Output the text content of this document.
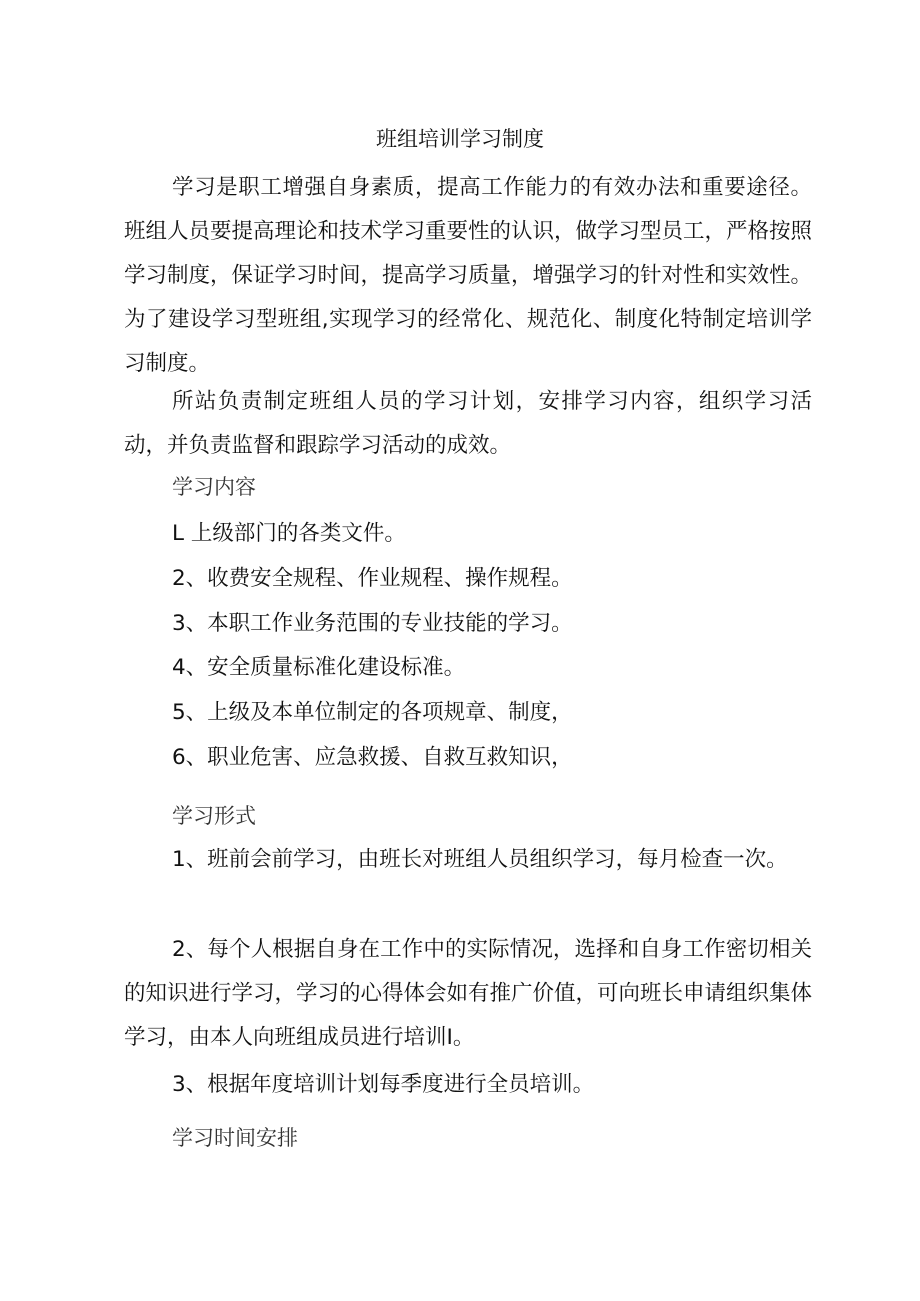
班组培训学习制度

学习是职工增强自身素质，提高工作能力的有效办法和重要途径。班组人员要提高理论和技术学习重要性的认识，做学习型员工，严格按照学习制度，保证学习时间，提高学习质量，增强学习的针对性和实效性。为了建设学习型班组,实现学习的经常化、规范化、制度化特制定培训学习制度。

所站负责制定班组人员的学习计划，安排学习内容，组织学习活动，并负责监督和跟踪学习活动的成效。

学习内容

L 上级部门的各类文件。

2、收费安全规程、作业规程、操作规程。

3、本职工作业务范围的专业技能的学习。

4、安全质量标准化建设标准。

5、上级及本单位制定的各项规章、制度，

6、职业危害、应急救援、自救互救知识，

学习形式

1、班前会前学习，由班长对班组人员组织学习，每月检查一次。

2、每个人根据自身在工作中的实际情况，选择和自身工作密切相关的知识进行学习，学习的心得体会如有推广价值，可向班长申请组织集体学习，由本人向班组成员进行培训I。

3、根据年度培训计划每季度进行全员培训。

学习时间安排
